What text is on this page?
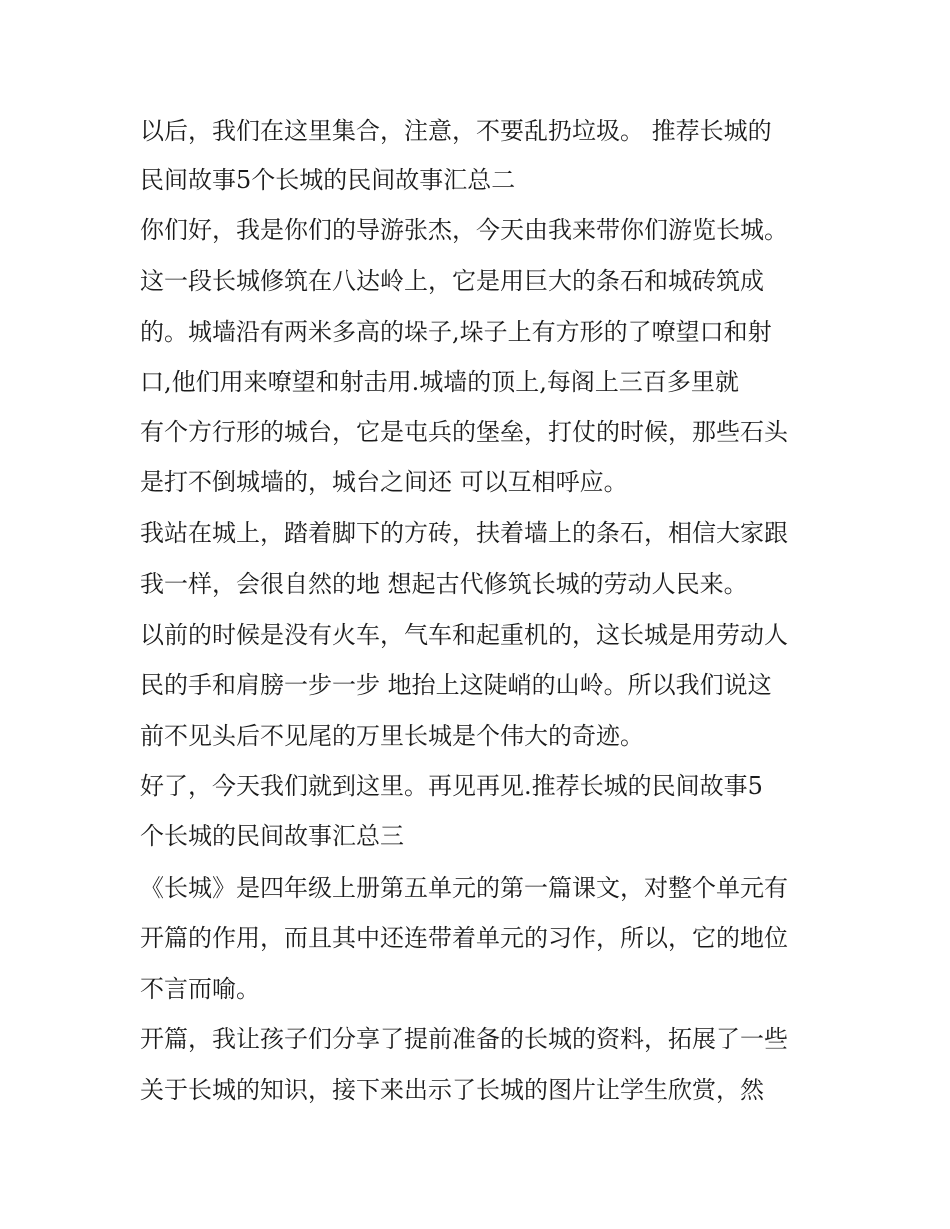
以后，我们在这里集合，注意，不要乱扔垃圾。 推荐长城的
民间故事5个长城的民间故事汇总二
你们好，我是你们的导游张杰，今天由我来带你们游览长城。
这一段长城修筑在八达岭上，它是用巨大的条石和城砖筑成
的。城墙沿有两米多高的垛子,垛子上有方形的了嘹望口和射
口,他们用来嘹望和射击用.城墙的顶上,每阁上三百多里就
有个方行形的城台，它是屯兵的堡垒，打仗的时候，那些石头
是打不倒城墙的，城台之间还 可以互相呼应。
我站在城上，踏着脚下的方砖，扶着墙上的条石，相信大家跟
我一样，会很自然的地 想起古代修筑长城的劳动人民来。
以前的时候是没有火车，气车和起重机的，这长城是用劳动人
民的手和肩膀一步一步 地抬上这陡峭的山岭。所以我们说这
前不见头后不见尾的万里长城是个伟大的奇迹。
好了，今天我们就到这里。再见再见.推荐长城的民间故事5
个长城的民间故事汇总三
《长城》是四年级上册第五单元的第一篇课文，对整个单元有
开篇的作用，而且其中还连带着单元的习作，所以，它的地位
不言而喻。
开篇，我让孩子们分享了提前准备的长城的资料，拓展了一些
关于长城的知识，接下来出示了长城的图片让学生欣赏，然
